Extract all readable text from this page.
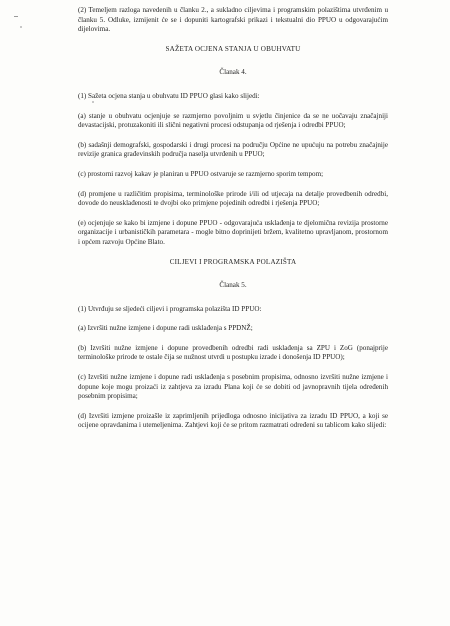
(2) Temeljem razloga navedenih u članku 2., a sukladno ciljevima i programskim polazištima utvrđenim u članku 5. Odluke, izmijenit će se i dopuniti kartografski prikazi i tekstualni dio PPUO u odgovarajućim dijelovima.

SAŽETA OCJENA STANJA U OBUHVATU

Članak 4.

(1) Sažeta ocjena stanja u obuhvatu ID PPUO glasi kako slijedi:

(a) stanje u obuhvatu ocjenjuje se razmjerno povoljnim u svjetlu činjenice da se ne uočavaju značajniji devastacijski, protuzakoniti ili slični negativni procesi odstupanja od rješenja i odredbi PPUO;

(b) sadašnji demografski, gospodarski i drugi procesi na području Općine ne upućuju na potrebu značajnije revizije granica građevinskih područja naselja utvrđenih u PPUO;

(c) prostorni razvoj kakav je planiran u PPUO ostvaruje se razmjerno sporim tempom;

(d) promjene u različitim propisima, terminološke prirode i/ili od utjecaja na detalje provedbenih odredbi, dovode do neusklađenosti te dvojbi oko primjene pojedinih odredbi i rješenja PPUO;

(e) ocjenjuje se kako bi izmjene i dopune PPUO - odgovarajuća usklađenja te djelomična revizija prostorne organizacije i urbanističkih parametara - mogle bitno doprinijeti bržem, kvalitetno upravljanom, prostornom i općem razvoju Općine Blato.

CILJEVI I PROGRAMSKA POLAZIŠTA

Članak 5.

(1) Utvrđuju se sljedeći ciljevi i programska polazišta ID PPUO:

(a) Izvršiti nužne izmjene i dopune radi usklađenja s PPDNŽ;

(b) Izvršiti nužne izmjene i dopune provedbenih odredbi radi usklađenja sa ZPU i ZoG (ponajprije terminološke prirode te ostale čija se nužnost utvrdi u postupku izrade i donošenja ID PPUO);

(c) Izvršiti nužne izmjene i dopune radi usklađenja s posebnim propisima, odnosno izvršiti nužne izmjene i dopune koje mogu proizaći iz zahtjeva za izradu Plana koji će se dobiti od javnopravnih tijela određenih posebnim propisima;

(d) Izvršiti izmjene proizašle iz zaprimljenih prijedloga odnosno inicijativa za izradu ID PPUO, a koji se ocijene opravdanima i utemeljenima. Zahtjevi koji će se pritom razmatrati određeni su tablicom kako slijedi:
